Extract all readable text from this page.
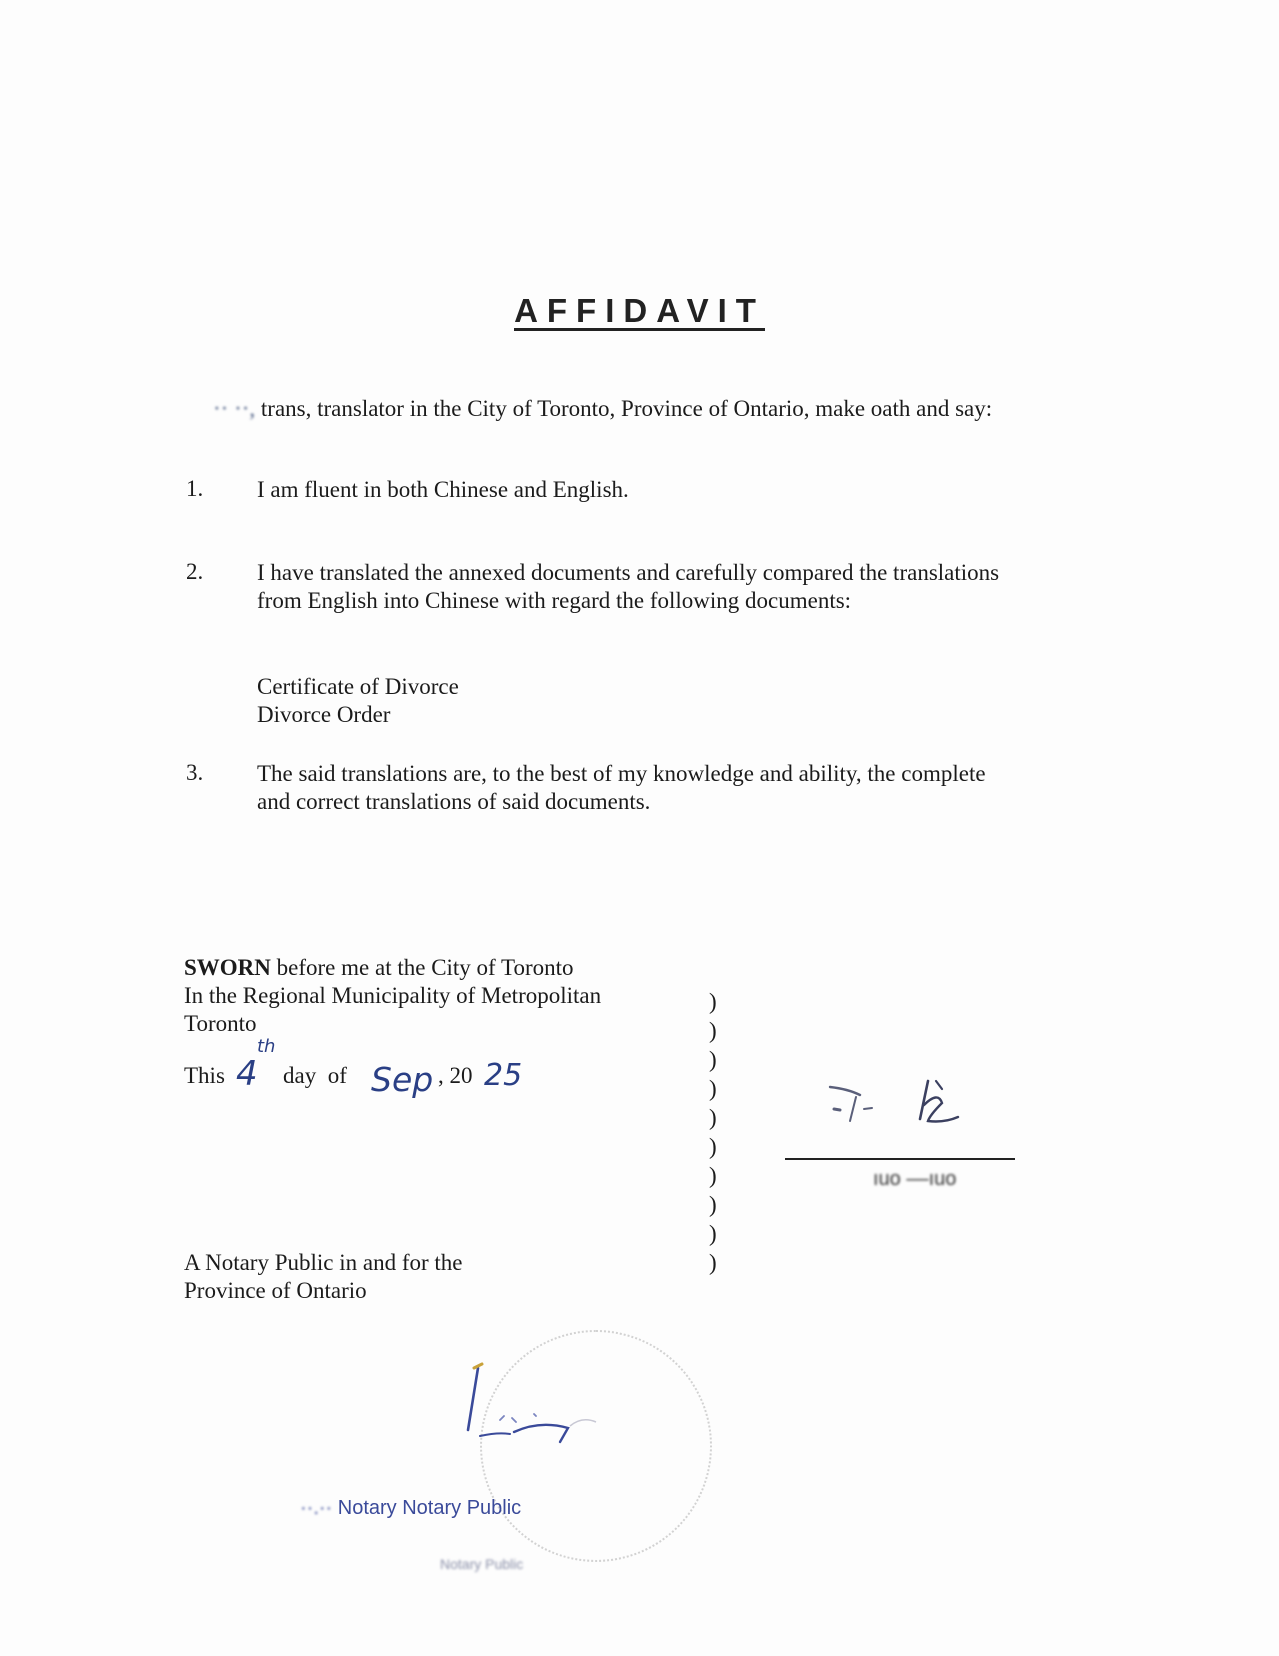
AFFIDAVIT
·· ··, trans, translator in the City of Toronto, Province of Ontario, make oath and say:
1. I am fluent in both Chinese and English.
2. I have translated the annexed documents and carefully compared the translations
from English into Chinese with regard the following documents:
Certificate of Divorce
Divorce Order
3. The said translations are, to the best of my knowledge and ability, the complete
and correct translations of said documents.
SWORN before me at the City of Toronto
In the Regional Municipality of Metropolitan
Toronto
This 4
th
day  of Sep , 20 25
A Notary Public in and for the
Province of Ontario
)
)
)
)
)
)
)
)
)
)
ıuo ––ıuo
··.·· Notary Notary Public
Notary Public
